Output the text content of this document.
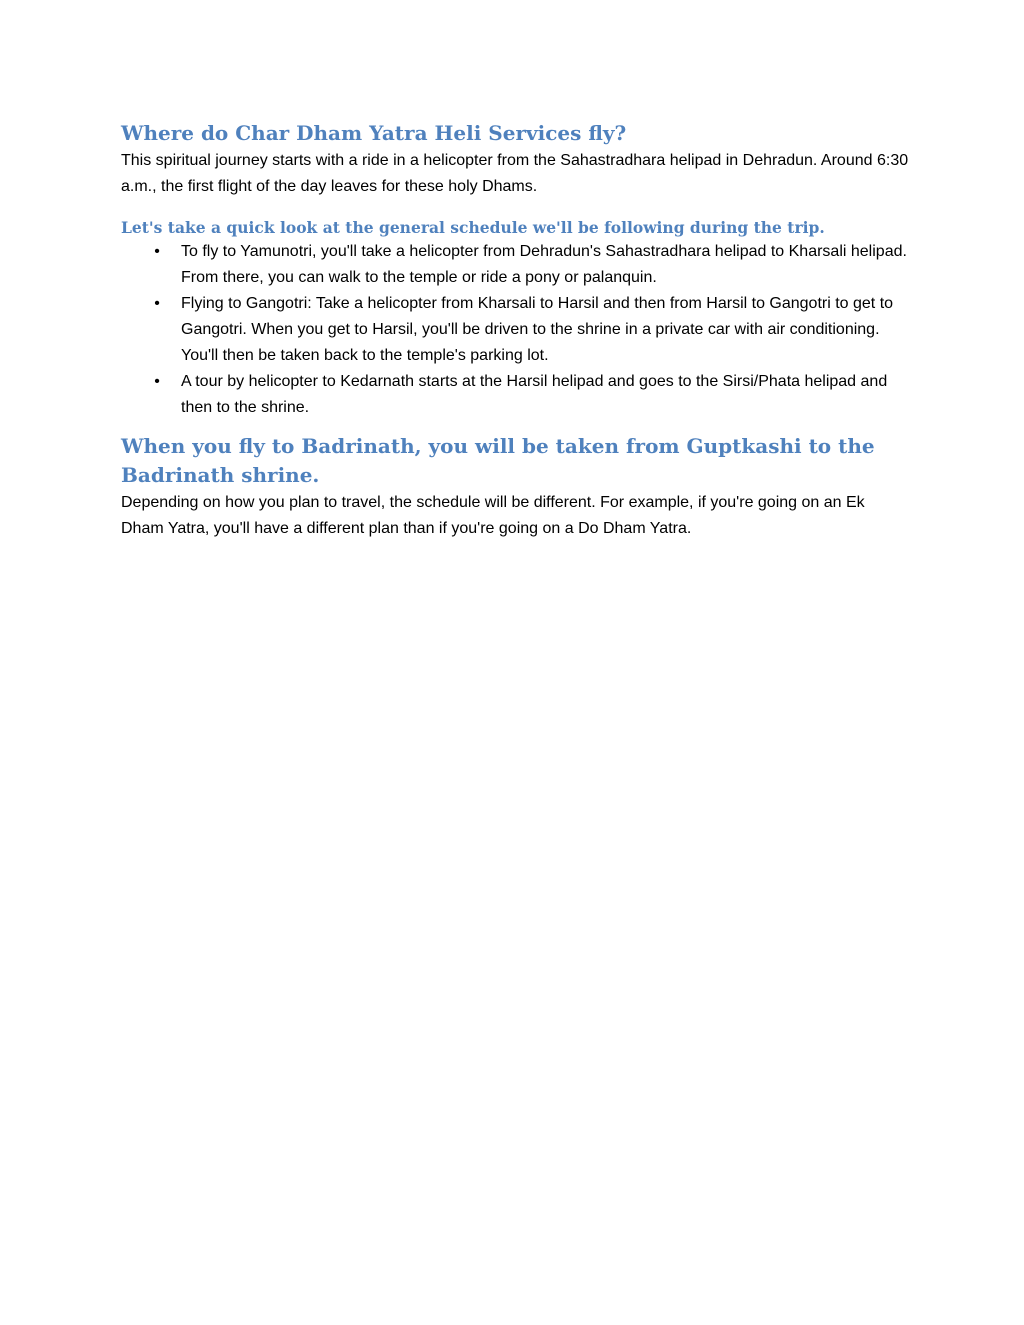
Where do Char Dham Yatra Heli Services fly?

This spiritual journey starts with a ride in a helicopter from the Sahastradhara helipad in Dehradun. Around 6:30 a.m., the first flight of the day leaves for these holy Dhams.

Let's take a quick look at the general schedule we'll be following during the trip.
• To fly to Yamunotri, you'll take a helicopter from Dehradun's Sahastradhara helipad to Kharsali helipad. From there, you can walk to the temple or ride a pony or palanquin.
• Flying to Gangotri: Take a helicopter from Kharsali to Harsil and then from Harsil to Gangotri to get to Gangotri. When you get to Harsil, you'll be driven to the shrine in a private car with air conditioning. You'll then be taken back to the temple's parking lot.
• A tour by helicopter to Kedarnath starts at the Harsil helipad and goes to the Sirsi/Phata helipad and then to the shrine.
When you fly to Badrinath, you will be taken from Guptkashi to the Badrinath shrine.

Depending on how you plan to travel, the schedule will be different. For example, if you're going on an Ek Dham Yatra, you'll have a different plan than if you're going on a Do Dham Yatra.
